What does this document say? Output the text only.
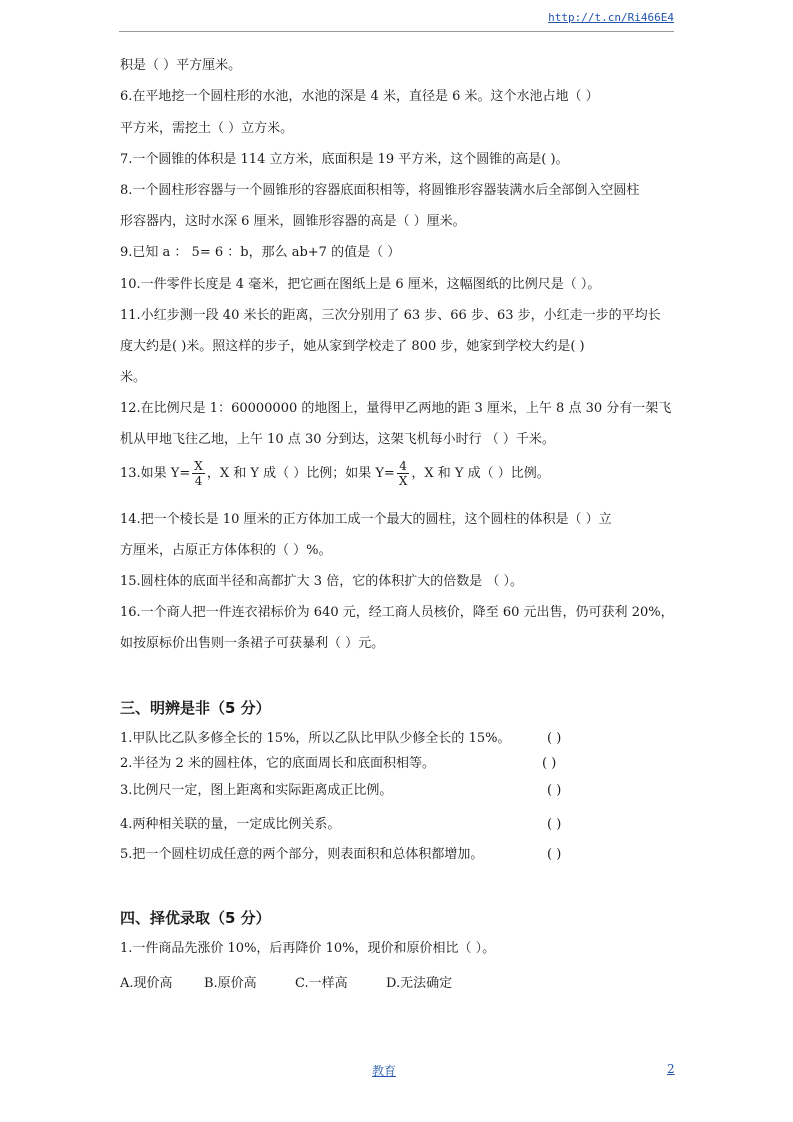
http://t.cn/Ri466E4
积是（ ）平方厘米。
6.在平地挖一个圆柱形的水池，水池的深是 4 米，直径是 6 米。这个水池占地（ ）
平方米，需挖土（ ）立方米。
7.一个圆锥的体积是 114 立方米，底面积是 19 平方米，这个圆锥的高是( )。
8.一个圆柱形容器与一个圆锥形的容器底面积相等，将圆锥形容器装满水后全部倒入空圆柱
形容器内，这时水深 6 厘米，圆锥形容器的高是（ ）厘米。
9.已知 a ： 5= 6 ：b，那么 ab+7 的值是（ ）
10.一件零件长度是 4 毫米，把它画在图纸上是 6 厘米，这幅图纸的比例尺是（ ）。
11.小红步测一段 40 米长的距离，三次分别用了 63 步、66 步、63 步，小红走一步的平均长
度大约是( )米。照这样的步子，她从家到学校走了 800 步，她家到学校大约是( )
米。
12.在比例尺是 1：60000000 的地图上，量得甲乙两地的距 3 厘米，上午 8 点 30 分有一架飞
机从甲地飞往乙地，上午 10 点 30 分到达，这架飞机每小时行 （ ）千米。
13.如果 $Y= \frac{X}{4}$ ，X 和 Y 成（ ）比例；如果 $Y= \frac{4}{X}$ ，X 和 Y 成（ ）比例。
14.把一个棱长是 10 厘米的正方体加工成一个最大的圆柱，这个圆柱的体积是（ ）立
方厘米，占原正方体体积的（ ）%。
15.圆柱体的底面半径和高都扩大 3 倍，它的体积扩大的倍数是 （ ）。
16.一个商人把一件连衣裙标价为 640 元，经工商人员核价，降至 60 元出售，仍可获利 20%，
如按原标价出售则一条裙子可获暴利（ ）元。
三、明辨是非（5 分）
1.甲队比乙队多修全长的 15%，所以乙队比甲队少修全长的 15%。	( )
2.半径为 2 米的圆柱体，它的底面周长和底面积相等。	( )
3.比例尺一定，图上距离和实际距离成正比例。	( )
4.两种相关联的量，一定成比例关系。	( )
5.把一个圆柱切成任意的两个部分，则表面积和总体积都增加。	( )
四、择优录取（5 分）
1.一件商品先涨价 10%，后再降价 10%，现价和原价相比（ ）。
A.现价高 B.原价高	C.一样高	D.无法确定
教育	2
